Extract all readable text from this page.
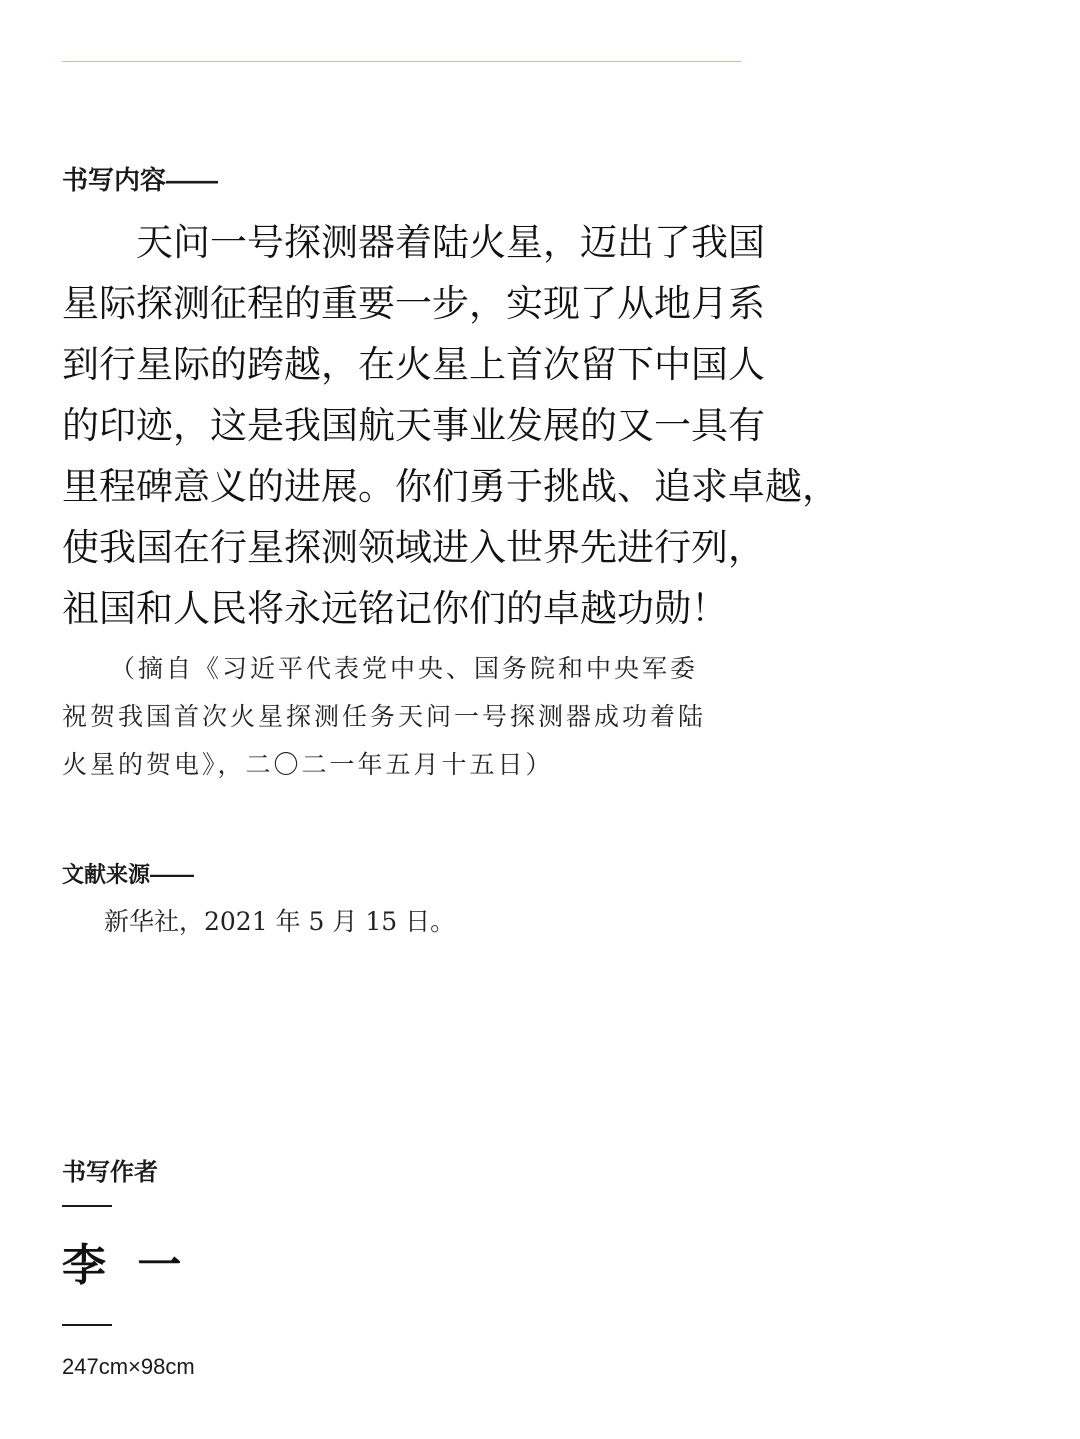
书写内容——
天问一号探测器着陆火星，迈出了我国
星际探测征程的重要一步，实现了从地月系
到行星际的跨越，在火星上首次留下中国人
的印迹，这是我国航天事业发展的又一具有
里程碑意义的进展。你们勇于挑战、追求卓越，
使我国在行星探测领域进入世界先进行列，
祖国和人民将永远铭记你们的卓越功勋！
（摘自《习近平代表党中央、国务院和中央军委
祝贺我国首次火星探测任务天问一号探测器成功着陆
火星的贺电》，二〇二一年五月十五日）
文献来源——
新华社，2021 年 5 月 15 日。
书写作者
李 一
247cm×98cm
